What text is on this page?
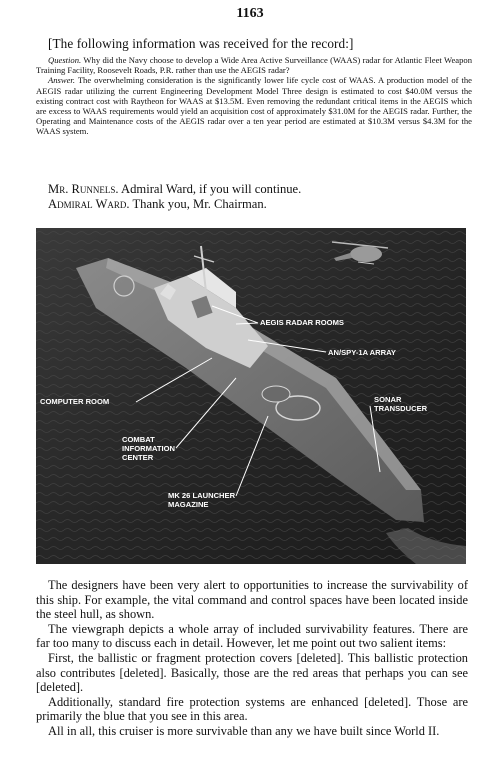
1163
[The following information was received for the record:]

Question. Why did the Navy choose to develop a Wide Area Active Surveillance (WAAS) radar for Atlantic Fleet Weapon Training Facility, Roosevelt Roads, P.R. rather than use the AEGIS radar?

Answer. The overwhelming consideration is the significantly lower life cycle cost of WAAS. A production model of the AEGIS radar utilizing the current Engineering Development Model Three design is estimated to cost $40.0M versus the existing contract cost with Raytheon for WAAS at $13.5M. Even removing the redundant critical items in the AEGIS which are excess to WAAS requirements would yield an acquisition cost of approximately $31.0M for the AEGIS radar. Further, the Operating and Maintenance costs of the AEGIS radar over a ten year period are estimated at $10.3M versus $4.3M for the WAAS system.

Mr. Runnels. Admiral Ward, if you will continue.

Admiral Ward. Thank you, Mr. Chairman.

AEGIS RADAR ROOMS
AN/SPY-1A ARRAY
COMPUTER ROOM	SONAR
TRANSDUCER
COMBAT
INFORMATION
CENTER
MK 26 LAUNCHER
MAGAZINE

The designers have been very alert to opportunities to increase the survivability of this ship. For example, the vital command and control spaces have been located inside the steel hull, as shown.

The viewgraph depicts a whole array of included survivability features. There are far too many to discuss each in detail. However, let me point out two salient items:

First, the ballistic or fragment protection covers [deleted]. This ballistic protection also contributes [deleted]. Basically, those are the red areas that perhaps you can see [deleted].

Additionally, standard fire protection systems are enhanced [deleted]. Those are primarily the blue that you see in this area.

All in all, this cruiser is more survivable than any we have built since World II.
